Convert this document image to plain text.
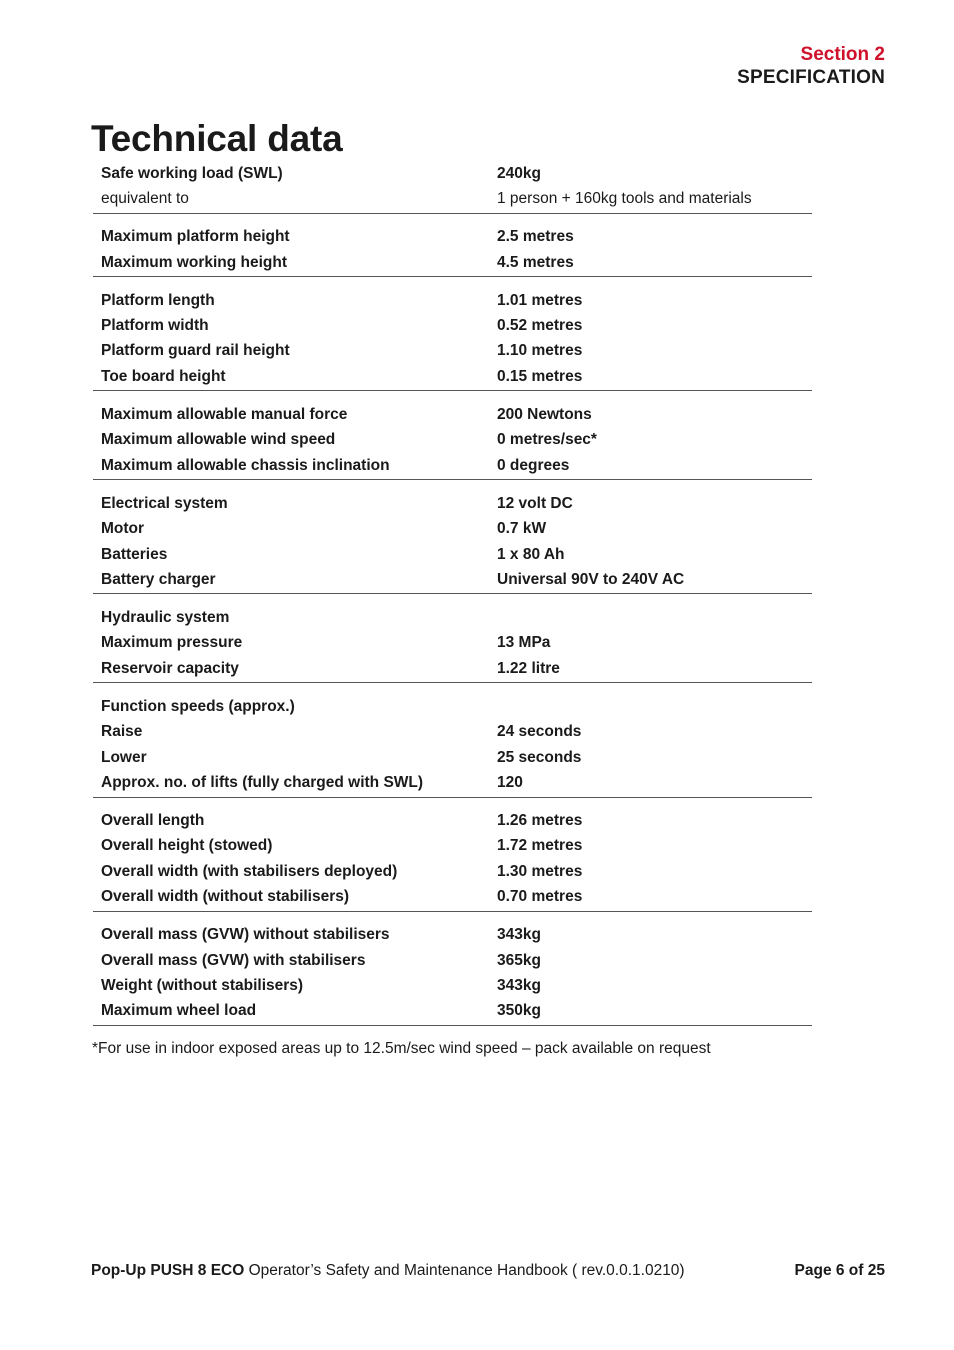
Section 2
SPECIFICATION
Technical data
Safe working load (SWL)	240kg
equivalent to	1 person + 160kg tools and materials
Maximum platform height	2.5 metres
Maximum working height	4.5 metres
Platform length	1.01 metres
Platform width	0.52 metres
Platform guard rail height	1.10 metres
Toe board height	0.15 metres
Maximum allowable manual force	200 Newtons
Maximum allowable wind speed	0 metres/sec*
Maximum allowable chassis inclination	0 degrees
Electrical system	12 volt DC
Motor	0.7 kW
Batteries	1 x 80 Ah
Battery charger	Universal 90V to 240V AC
Hydraulic system
Maximum pressure	13 MPa
Reservoir capacity	1.22 litre
Function speeds (approx.)
Raise	24 seconds
Lower	25 seconds
Approx. no. of lifts (fully charged with SWL)	120
Overall length	1.26 metres
Overall height (stowed)	1.72 metres
Overall width (with stabilisers deployed)	1.30 metres
Overall width (without stabilisers)	0.70 metres
Overall mass (GVW) without stabilisers	343kg
Overall mass (GVW) with stabilisers	365kg
Weight (without stabilisers)	343kg
Maximum wheel load	350kg
*For use in indoor exposed areas up to 12.5m/sec wind speed – pack available on request
Pop-Up PUSH 8 ECO Operator’s Safety and Maintenance Handbook ( rev.0.0.1.0210)	Page 6 of 25
